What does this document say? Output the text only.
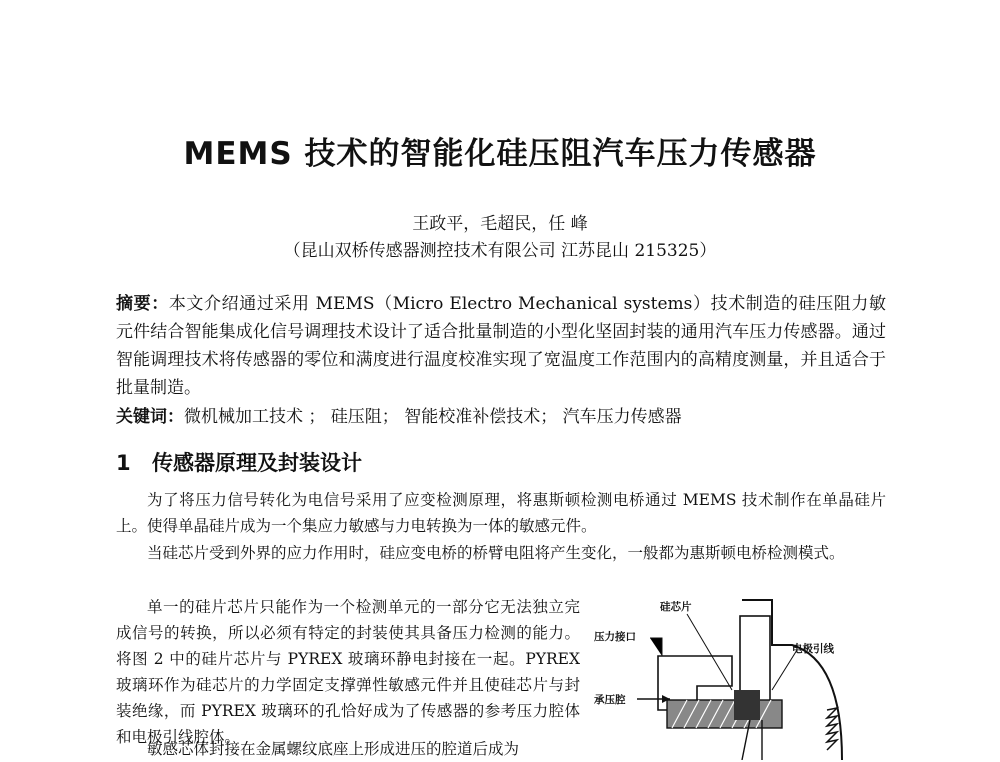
MEMS 技术的智能化硅压阻汽车压力传感器
王政平，毛超民，任 峰
（昆山双桥传感器测控技术有限公司 江苏昆山 215325）
摘要：本文介绍通过采用 MEMS（Micro Electro Mechanical systems）技术制造的硅压阻力敏元件结合智能集成化信号调理技术设计了适合批量制造的小型化坚固封装的通用汽车压力传感器。通过智能调理技术将传感器的零位和满度进行温度校准实现了宽温度工作范围内的高精度测量，并且适合于批量制造。
关键词：微机械加工技术 ； 硅压阻； 智能校准补偿技术； 汽车压力传感器
1 传感器原理及封装设计
为了将压力信号转化为电信号采用了应变检测原理，将惠斯顿检测电桥通过 MEMS 技术制作在单晶硅片上。使得单晶硅片成为一个集应力敏感与力电转换为一体的敏感元件。
当硅芯片受到外界的应力作用时，硅应变电桥的桥臂电阻将产生变化，一般都为惠斯顿电桥检测模式。
单一的硅片芯片只能作为一个检测单元的一部分它无法独立完成信号的转换，所以必须有特定的封装使其具备压力检测的能力。将图 2 中的硅片芯片与 PYREX 玻璃环静电封接在一起。PYREX 玻璃环作为硅芯片的力学固定支撑弹性敏感元件并且使硅芯片与封装绝缘，而 PYREX 玻璃环的孔恰好成为了传感器的参考压力腔体和电极引线腔体。
敏感芯体封接在金属螺纹底座上形成进压的腔道后成为
硅芯片
压力接口
电极引线
承压腔
